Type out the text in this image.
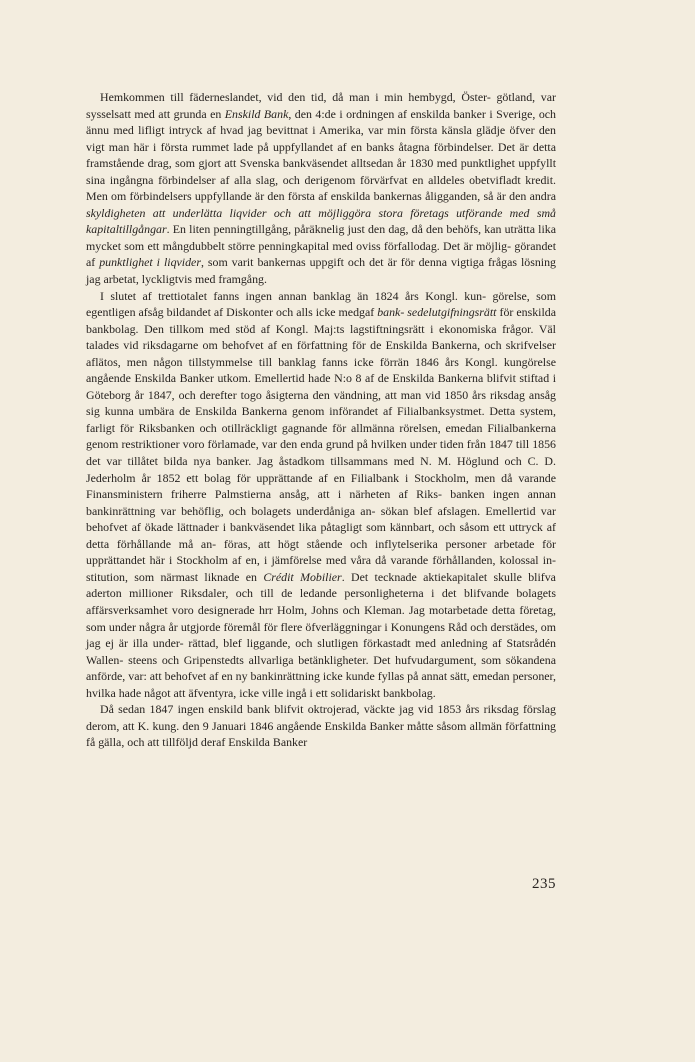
Hemkommen till fäderneslandet, vid den tid, då man i min hembygd, Öster- götland, var sysselsatt med att grunda en Enskild Bank, den 4:de i ordningen af enskilda banker i Sverige, och ännu med lifligt intryck af hvad jag bevittnat i Amerika, var min första känsla glädje öfver den vigt man här i första rummet lade på uppfyllandet af en banks åtagna förbindelser. Det är detta framstående drag, som gjort att Svenska bankväsendet alltsedan år 1830 med punktlighet uppfyllt sina ingångna förbindelser af alla slag, och derigenom förvärfvat en alldeles obetvifladt kredit. Men om förbindelsers uppfyllande är den första af enskilda bankernas åligganden, så är den andra skyldigheten att underlätta liqvider och att möjliggöra stora företags utförande med små kapitaltillgångar. En liten penningtillgång, påräknelig just den dag, då den behöfs, kan uträtta lika mycket som ett mångdubbelt större penningkapital med oviss förfallodag. Det är möjlig- görandet af punktlighet i liqvider, som varit bankernas uppgift och det är för denna vigtiga frågas lösning jag arbetat, lyckligtvis med framgång.

I slutet af trettiotalet fanns ingen annan banklag än 1824 års Kongl. kun- görelse, som egentligen afsåg bildandet af Diskonter och alls icke medgaf bank- sedelutgifningsrätt för enskilda bankbolag. Den tillkom med stöd af Kongl. Maj:ts lagstiftningsrätt i ekonomiska frågor. Väl talades vid riksdagarne om behofvet af en författning för de Enskilda Bankerna, och skrifvelser aflätos, men någon tillstymmelse till banklag fanns icke förrän 1846 års Kongl. kungörelse angående Enskilda Banker utkom. Emellertid hade N:o 8 af de Enskilda Bankerna blifvit stiftad i Göteborg år 1847, och derefter togo åsigterna den vändning, att man vid 1850 års riksdag ansåg sig kunna umbära de Enskilda Bankerna genom införandet af Filialbanksystmet. Detta system, farligt för Riksbanken och otillräckligt gagnande för allmänna rörelsen, emedan Filialbankerna genom restriktioner voro förlamade, var den enda grund på hvilken under tiden från 1847 till 1856 det var tillåtet bilda nya banker. Jag åstadkom tillsammans med N. M. Höglund och C. D. Jederholm år 1852 ett bolag för upprättande af en Filialbank i Stockholm, men då varande Finansministern friherre Palmstierna ansåg, att i närheten af Riks- banken ingen annan bankinrättning var behöflig, och bolagets underdåniga an- sökan blef afslagen. Emellertid var behofvet af ökade lättnader i bankväsendet lika påtagligt som kännbart, och såsom ett uttryck af detta förhållande må an- föras, att högt stående och inflytelserika personer arbetade för upprättandet här i Stockholm af en, i jämförelse med våra då varande förhållanden, kolossal in- stitution, som närmast liknade en Crédit Mobilier. Det tecknade aktiekapitalet skulle blifva aderton millioner Riksdaler, och till de ledande personligheterna i det blifvande bolagets affärsverksamhet voro designerade hrr Holm, Johns och Kleman. Jag motarbetade detta företag, som under några år utgjorde föremål för flere öfverläggningar i Konungens Råd och derstädes, om jag ej är illa under- rättad, blef liggande, och slutligen förkastadt med anledning af Statsrådén Wallen- steens och Gripenstedts allvarliga betänkligheter. Det hufvudargument, som sökandena anförde, var: att behofvet af en ny bankinrättning icke kunde fyllas på annat sätt, emedan personer, hvilka hade något att äfventyra, icke ville ingå i ett solidariskt bankbolag.

Då sedan 1847 ingen enskild bank blifvit oktrojerad, väckte jag vid 1853 års riksdag förslag derom, att K. kung. den 9 Januari 1846 angående Enskilda Banker måtte såsom allmän författning få gälla, och att tillföljd deraf Enskilda Banker

235
